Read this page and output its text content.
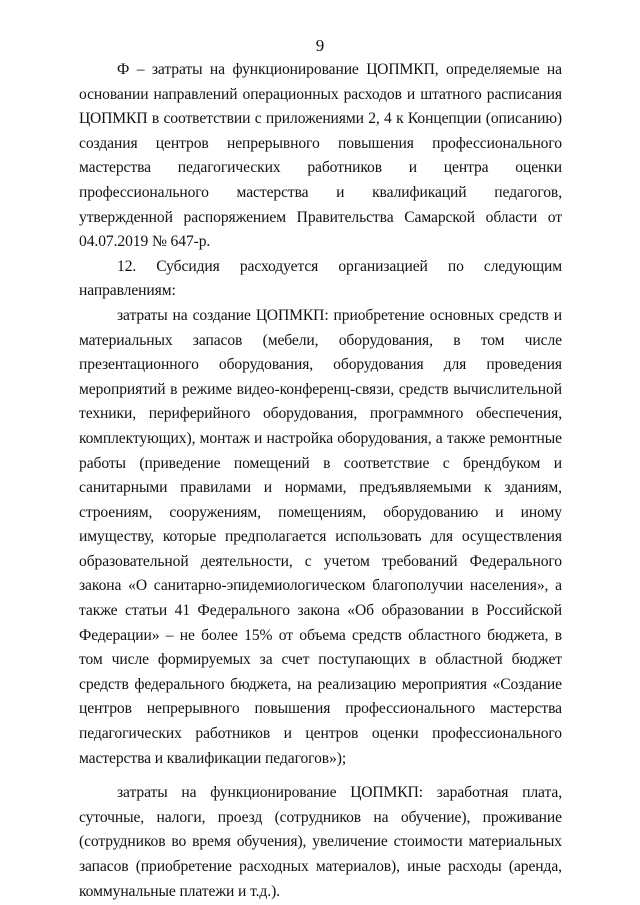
9

Ф – затраты на функционирование ЦОПМКП, определяемые на основании направлений операционных расходов и штатного расписания ЦОПМКП в соответствии с приложениями 2, 4 к Концепции (описанию) создания центров непрерывного повышения профессионального мастерства педагогических работников и центра оценки профессионального мастерства и квалификаций педагогов, утвержденной распоряжением Правительства Самарской области от 04.07.2019 № 647-р.

12. Субсидия расходуется организацией по следующим направлениям:

затраты на создание ЦОПМКП: приобретение основных средств и материальных запасов (мебели, оборудования, в том числе презентационного оборудования, оборудования для проведения мероприятий в режиме видео-конференц-связи, средств вычислительной техники, периферийного оборудования, программного обеспечения, комплектующих), монтаж и настройка оборудования, а также ремонтные работы (приведение помещений в соответствие с брендбуком и санитарными правилами и нормами, предъявляемыми к зданиям, строениям, сооружениям, помещениям, оборудованию и иному имуществу, которые предполагается использовать для осуществления образовательной деятельности, с учетом требований Федерального закона «О санитарно-эпидемиологическом благополучии населения», а также статьи 41 Федерального закона «Об образовании в Российской Федерации» – не более 15% от объема средств областного бюджета, в том числе формируемых за счет поступающих в областной бюджет средств федерального бюджета, на реализацию мероприятия «Создание центров непрерывного повышения профессионального мастерства педагогических работников и центров оценки профессионального мастерства и квалификации педагогов»);

затраты на функционирование ЦОПМКП: заработная плата, суточные, налоги, проезд (сотрудников на обучение), проживание (сотрудников во время обучения), увеличение стоимости материальных запасов (приобретение расходных материалов), иные расходы (аренда, коммунальные платежи и т.д.).
